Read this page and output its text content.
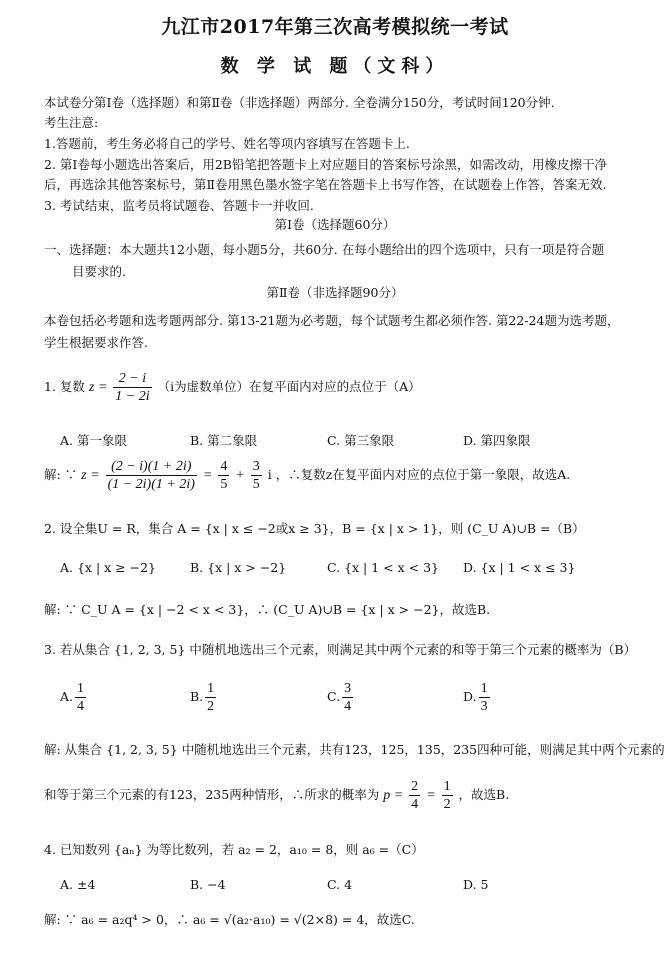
九江市2017年第三次高考模拟统一考试
数 学 试 题（文科）
本试卷分第Ⅰ卷（选择题）和第Ⅱ卷（非选择题）两部分. 全卷满分150分，考试时间120分钟.
考生注意:
1.答题前，考生务必将自己的学号、姓名等项内容填写在答题卡上.
2. 第Ⅰ卷每小题选出答案后，用2B铅笔把答题卡上对应题目的答案标号涂黑，如需改动，用橡皮擦干净
后，再选涂其他答案标号，第Ⅱ卷用黑色墨水签字笔在答题卡上书写作答，在试题卷上作答，答案无效.
3. 考试结束，监考员将试题卷、答题卡一并收回.
第Ⅰ卷（选择题60分）
一、选择题：本大题共12小题，每小题5分，共60分. 在每小题给出的四个选项中，只有一项是符合题
目要求的.
第Ⅱ卷（非选择题90分）
本卷包括必考题和选考题两部分. 第13-21题为必考题，每个试题考生都必须作答. 第22-24题为选考题，
学生根据要求作答.
1. 复数 $z = \frac{2 - i}{1 - 2i} (i$为虚数单位）在复平面内对应的点位于（A）
A. 第一象限	B. 第二象限	C. 第三象限	D. 第四象限
解: ∵ $z = \frac{(2 - i)(1 + 2i)}{(1 - 2i)(1 + 2i)} = \frac{4}{5} + \frac{3}{5}$ i ，∴复数z在复平面内对应的点位于第一象限，故选A.
2. 设全集U = R，集合 A = {x | x ≤ −2或x ≥ 3}，B = {x | x > 1}，则 (C_U A)∪B =（B）
A. {x | x ≥ −2}	B. {x | x > −2}	C. {x | 1 < x < 3} D. {x | 1 < x ≤ 3}
解: ∵ C_U A = {x | −2 < x < 3}，∴ (C_U A)∪B = {x | x > −2}，故选B.
3. 若从集合 {1, 2, 3, 5} 中随机地选出三个元素，则满足其中两个元素的和等于第三个元素的概率为（B）
A. $\frac{1}{4}$	B. $\frac{1}{2}$	C. $\frac{3}{4}$	D. $\frac{1}{3}$
解: 从集合 {1, 2, 3, 5} 中随机地选出三个元素，共有123，125，135，235四种可能，则满足其中两个元素的
和等于第三个元素的有123，235两种情形，∴所求的概率为 $p = \frac{2}{4} = \frac{1}{2}$ ，故选B.
4. 已知数列 {aₙ} 为等比数列，若 a₂ = 2，a₁₀ = 8，则 a₆ =（C）
A. ±4	B. −4	C. 4	D. 5
解: ∵ a₆ = a₂q⁴ > 0，∴ a₆ = √(a₂·a₁₀) = √(2×8) = 4，故选C.
